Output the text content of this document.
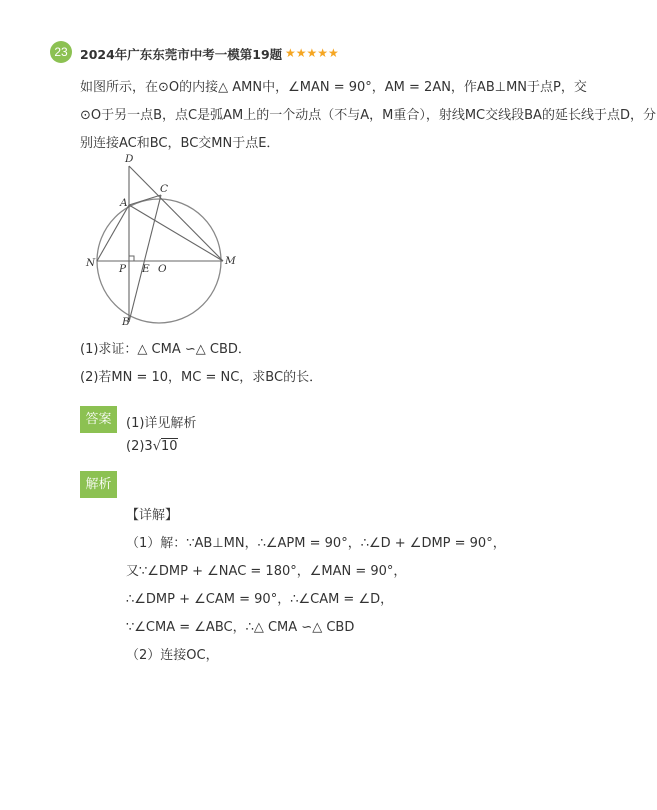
23 2024年广东东莞市中考一模第19题 ★★★★★
如图所示，在⊙O的内接△ AMN中，∠MAN = 90°，AM = 2AN，作AB⊥MN于点P，交
⊙O于另一点B，点C是弧AM上的一个动点（不与A，M重合），射线MC交线段BA的延长线于点D，分
别连接AC和BC，BC交MN于点E．
D
C
A
N P E O
M
B
(1)求证：△ CMA ∽△ CBD．
(2)若MN = 10，MC = NC，求BC的长．
答案	(1)详见解析
(2)3√10
解析
【详解】
（1）解：∵AB⊥MN，∴∠APM = 90°，∴∠D + ∠DMP = 90°，
又∵∠DMP + ∠NAC = 180°，∠MAN = 90°，
∴∠DMP + ∠CAM = 90°，∴∠CAM = ∠D，
∵∠CMA = ∠ABC，∴△ CMA ∽△ CBD
（2）连接OC，
